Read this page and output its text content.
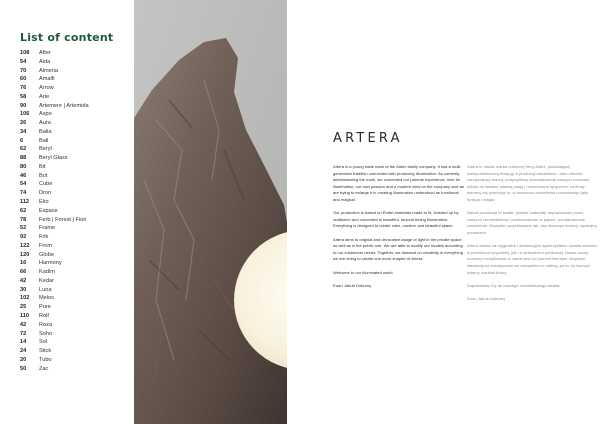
List of content
108	After
54	Aida
70	Almeria
60	Amalfi
76	Arrow
58	Arte
90	Artemere | Artemida
106	Aspo
26	Aura
34	Balia
6	Ball
62	Beryl
88	Beryl Glass
80	Bit
46	Bot
54	Cube
74	Dron
112	Eko
62	Espace
78	Ferb | Forest | Fiori
52	Frame
92	Frik
122	From
120	Globe
16	Harmony
66	Kadim
42	Kedar
30	Luna
102	Melos
25	Pure
110	Rolf
42	Roza
72	Soho
14	Sol
24	Stick
20	Tubo
50	Zac
ARTERA

Artera is a young trade mark of the Aldex family company. It has a multi generation tradition connected with producing illumination. As currently administrating the mark, we connected our parents experience, love for illumination, our own passion and a modern view on the company and we are trying to enlarge it in creating illumination understood as functional and magical.

Our production is based on Polish materials made to fit, finished up by craftsmen and converted to beautiful, beyond timing illumination. Everything is designed to create calm, modern and beautiful space.

Artera aims to original and decorative usage of light in the private space as well as in the public one. We are able to modify our models according to our customers needs. Together, we demand on creativity in everything we are doing to create one more chapter of Artera.

Welcome to our illuminated world.

Ewa i Jakub Dobrony

Artera to młoda marka rodzinnej firmy Aldex, posiadającej wielopokoleniową tradycję w produkcji oświetlenia. Jako obecnie zarządzający marką, połączyliśmy doświadczenie naszych rodziców, miłość do światła, własną pasję i nowoczesne spojrzenie na firmę i staramy się przełożyć to, w tworzeniu oświetlenia rozumianego jako funkcja i magia.

Nasza produkcja to trwałe, polskie materiały, dopracowane przez naszych rzemieślników i przekształcone w piękne, ponadczasowe oświetlenie. Wszystko projektowane tak, aby stworzyć modną i spokojną przestrzeń.

Artera stawia na oryginalne i dekoracyjne wykorzystanie światła zarówno w przestrzeni prywatnej, jak i w przestrzeni publicznej. Nasze wzory możemy modyfikować w zależności od potrzeb klientów. Wspólnie stawiamy na kreatywność we wszystkim co robimy, po to, by tworzyć kolejny rozdział Artery.

Zapraszamy Cię do naszego rozświetlonego świata.

Ewa i Jakub Dobrony
